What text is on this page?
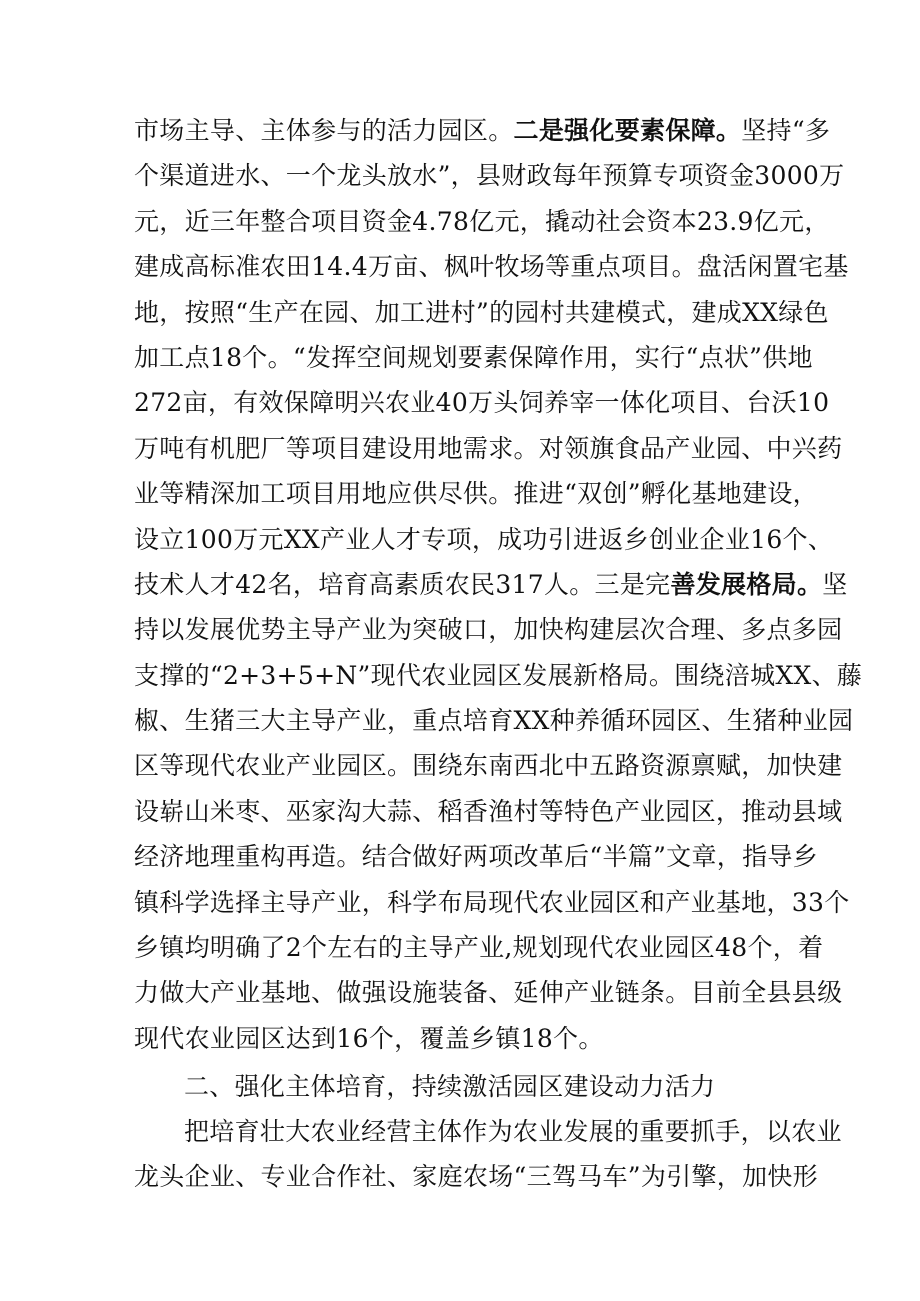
市场主导、主体参与的活力园区。二是强化要素保障。坚持“多
个渠道进水、一个龙头放水”，县财政每年预算专项资金3000万
元，近三年整合项目资金4.78亿元，撬动社会资本23.9亿元，
建成高标准农田14.4万亩、枫叶牧场等重点项目。盘活闲置宅基
地，按照“生产在园、加工进村”的园村共建模式，建成XX绿色
加工点18个。“发挥空间规划要素保障作用，实行“点状”供地
272亩，有效保障明兴农业40万头饲养宰一体化项目、台沃10
万吨有机肥厂等项目建设用地需求。对领旗食品产业园、中兴药
业等精深加工项目用地应供尽供。推进“双创”孵化基地建设，
设立100万元XX产业人才专项，成功引进返乡创业企业16个、
技术人才42名，培育高素质农民317人。三是完善发展格局。坚
持以发展优势主导产业为突破口，加快构建层次合理、多点多园
支撑的“2+3+5+N”现代农业园区发展新格局。围绕涪城XX、藤
椒、生猪三大主导产业，重点培育XX种养循环园区、生猪种业园
区等现代农业产业园区。围绕东南西北中五路资源禀赋，加快建
设崭山米枣、巫家沟大蒜、稻香渔村等特色产业园区，推动县域
经济地理重构再造。结合做好两项改革后“半篇”文章，指导乡
镇科学选择主导产业，科学布局现代农业园区和产业基地，33个
乡镇均明确了2个左右的主导产业,规划现代农业园区48个，着
力做大产业基地、做强设施装备、延伸产业链条。目前全县县级
现代农业园区达到16个，覆盖乡镇18个。
二、强化主体培育，持续激活园区建设动力活力
把培育壮大农业经营主体作为农业发展的重要抓手，以农业
龙头企业、专业合作社、家庭农场“三驾马车”为引擎，加快形
